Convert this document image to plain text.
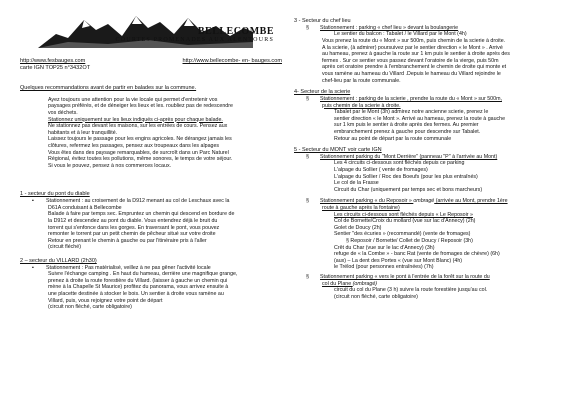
BELLECOMBE
COURTES PROMENADES AUX ALENTOURS
http://www.fesbauges.com	http://www.bellecombe- en- bauges.com
carte IGN TOP25 n°3432OT

Quelques recommandations avant de partir en balades sur la commune.

Ayez toujours une attention pour la vie locale qui permet d'entretenir vos

paysages préférés, et de déneiger les lieux et les. roubliez pas de redescendre

vos déchets.

Stationnez uniquement sur les lieux indiqués ci-après pour chaque balade.

Ne stationnez pas devant les maisons, sur les entrées de cours. Pensez aux

habitants et à leur tranquillité.

Laissez toujours le passage pour les engins agricoles. Ne dérangez jamais les

clôtures, refermez les passages, pensez aux troupeaux dans les alpages

Vous êtes dans des paysage remarquables, de surcroît dans un Parc Naturel

Régional, évitez toutes les pollutions, même sonores, le temps de votre séjour.

Si vous le pouvez, pensez à nos commerces locaux.

1 - secteur du pont du diable

▪ Stationnement : au croisement de la D912 menant au col de Leschaux avec la

D61A conduisant à Bellecombe

Balade à faire par temps sec. Empruntez un chemin qui descend en bordure de

la D912 et descendez au pont du diable. Vous entendrez déjà le bruit du

torrent qui s'enfonce dans les gorges. En traversant le pont, vous pouvez

remonter le torrent par un petit chemin de pêcheur situé sur votre droite

Retour en prenant le chemin à gauche ou par l'itinéraire pris à l'aller

(circuit fléché)

2 – secteur du VILLARD (2h30)

▪ Stationnement : Pas matérialisé, veillez à ne pas gêner l'activité locale

Suivre l'échange camping . En haut du hameau, derrière une magnifique grange,

prenez à droite la route forestière du Villard. (laisser à gauche un chemin qui

mène à la Chapelle St Maurice) profitez du panorama, vous arrivez ensuite à

une placette destinée à stocker le bois. Un sentier à droite vous ramène au

Villard, puis, vous rejoignez votre point de départ

(circuit non fléché, carte obligatoire)

3 - Secteur du chef lieu

§ Stationnement : parking « chef lieu » devant la boulangerie

Le sentier du balcon : Tabalet / le Villard par le Mont (4h)

Vous prenez la route du « Mont » sur 500m, puis chemin de la scierie à droite.

A la scierie, (à admirer) poursuivez par le sentier direction « le Mont » . Arrivé

au hameau, prenez à gauche la route sur 1 km puis le sentier à droite après des

fermes . Sur ce sentier vous passez devant l'oratoire de la vierge, puis 50m

après cet oratoire prendre à l'embranchement le chemin de droite qui monte et

vous ramène au hameau du Villard .Depuis le hameau du Villard rejoindre le

chef-lieu par la route communale.

4- Secteur de la scierie

§ Stationnement : parking de la scierie , prendre la route du « Mont » sur 500m,

puis chemin de la scierie à droite.

Tabalet par le Mont (3h) admirez notre ancienne scierie, prenez le

sentier direction « le Mont ». Arrivé au hameau, prenez la route à gauche

sur 1 km puis le sentier à droite après des fermes. Au premier

embranchement prenez à gauche pour descendre sur Tabalet.

Retour au point de départ par la route communale

5 - Secteur du MONT voir carte IGN

§ Stationnement parking du "Mont Derrière" (panneau "P" à l'arrivée au Mont)

Les 4 circuits ci-dessous sont fléchés depuis ce parking

L'alpage du Sollier ( vente de fromages)

L'alpage du Sollier / Roc des Boeufs (pour les plus entraînés)

Le col de la Frasse

Circuit du Char (uniquement par temps sec et bons marcheurs)

§ Stationnement parking « du Reposoir » ombragé (arrivée au Mont, prendre 1ère

route à gauche après la fontaine)

Les circuits ci-dessous sont fléchés depuis « Le Reposoir »

Col de Bornette/Croix du mollard (vue sur lac d'Annecy) (2h)

Golet de Doucy (2h)

Sentier "des écuries » (recommandé) (vente de fromages)

§ Reposoir / Bornette/ Collet de Doucy / Reposoir (3h)

Crêt du Char (vue sur le lac d'Annecy) (3h)

refuge de « la Combe » - banc Rat (vente de fromages de chèvre) (6h)

(aux) – La dent des Portes « (vue sur Mont Blanc) (4h)

le Trélod (pour personnes entraînées) (7h)

§ Stationnement parking « vers le pont à l'entrée de la forêt sur la route du

col du Plane (ombragé)

circuit du col du Plane (3 h) suivre la route forestière jusqu'au col.

(circuit non fléché, carte obligatoire)
